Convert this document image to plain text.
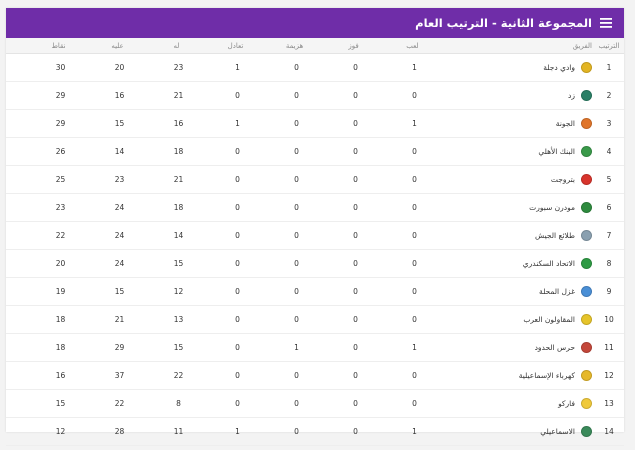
المجموعة الثانية - الترتيب العام
الترتيب
الفريق
لعب
فوز
هزيمة
تعادل
له
عليه
نقاط
1
وادي دجلة
1
0
0
1
23
20
30
2
زد
0
0
0
0
21
16
29
3
الجونة
1
0
0
1
16
15
29
4
البنك الأهلي
0
0
0
0
18
14
26
5
بتروجت
0
0
0
0
21
23
25
6
مودرن سبورت
0
0
0
0
18
24
23
7
طلائع الجيش
0
0
0
0
14
24
22
8
الاتحاد السكندري
0
0
0
0
15
24
20
9
غزل المحلة
0
0
0
0
12
15
19
10
المقاولون العرب
0
0
0
0
13
21
18
11
حرس الحدود
1
0
1
0
15
29
18
12
كهرباء الإسماعيلية
0
0
0
0
22
37
16
13
فاركو
0
0
0
0
8
22
15
14
الاسماعيلي
1
0
0
1
11
28
12
